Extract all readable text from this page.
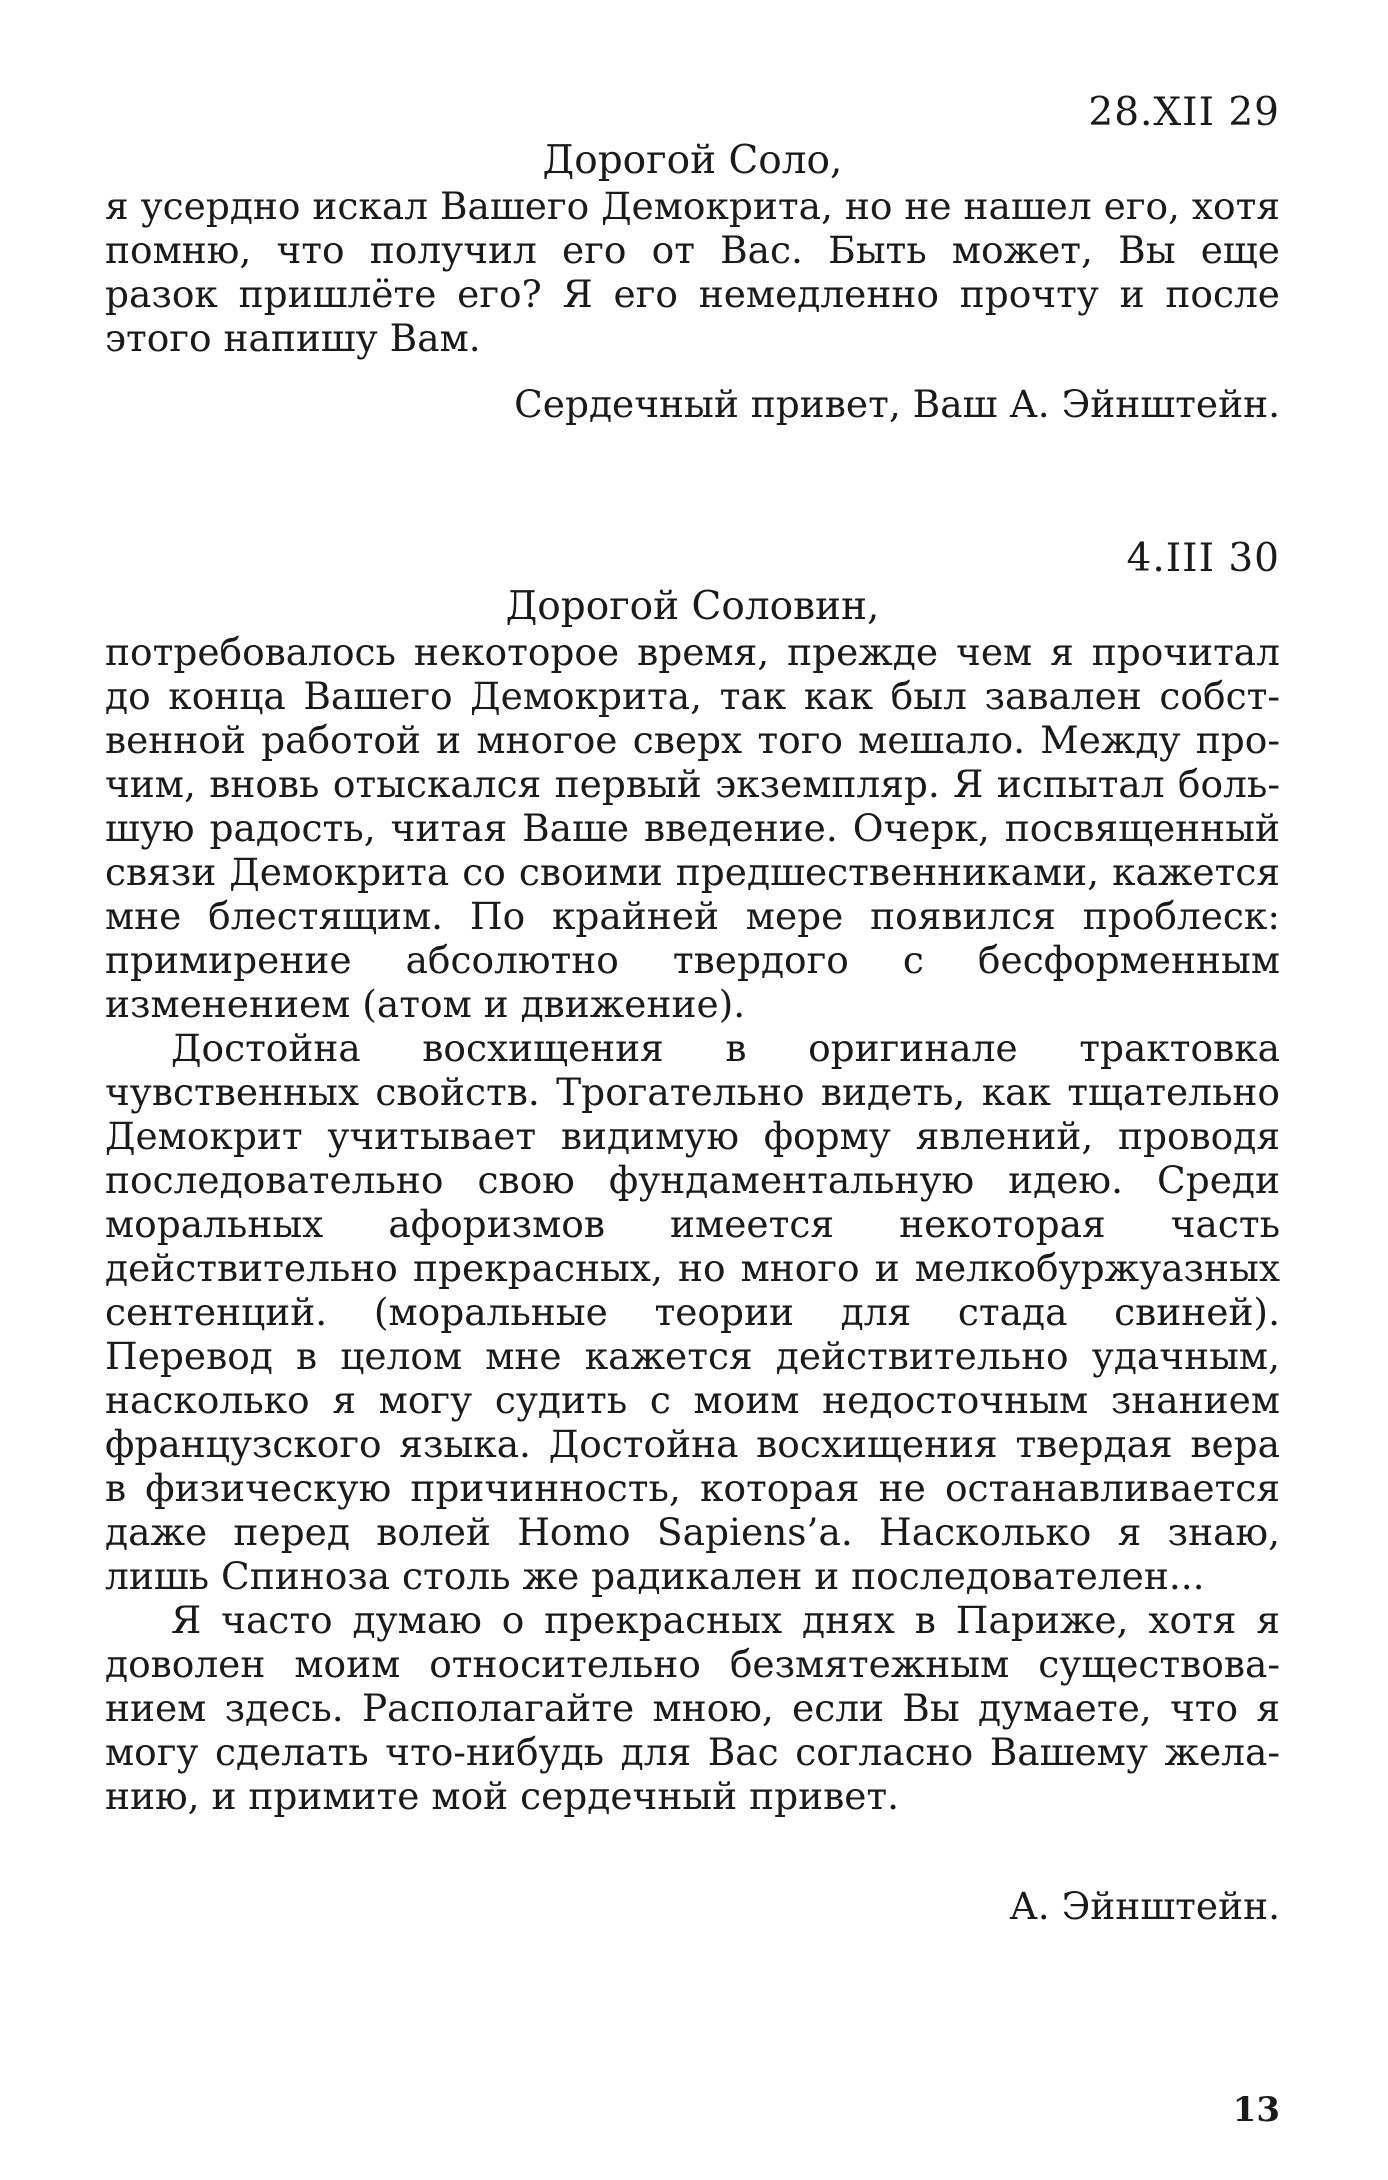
28.XII 29
Дорогой Соло,

я усердно искал Вашего Демокрита, но не нашел его, хотя помню, что получил его от Вас. Быть может, Вы еще разок пришлёте его? Я его немедленно прочту и после этого напишу Вам.

Сердечный привет, Ваш А. Эйнштейн.
4.III 30
Дорогой Соловин,

потребовалось некоторое время, прежде чем я прочитал до конца Вашего Демокрита, так как был завален собственной работой и многое сверх того мешало. Между прочим, вновь отыскался первый экземпляр. Я испытал большую радость, читая Ваше введение. Очерк, посвященный связи Демокрита со своими предшественниками, кажется мне блестящим. По крайней мере появился проблеск: примирение абсолютно твердого с бесформенным изменением (атом и движение).

Достойна восхищения в оригинале трактовка чувственных свойств. Трогательно видеть, как тщательно Демокрит учитывает видимую форму явлений, проводя последовательно свою фундаментальную идею. Среди моральных афоризмов имеется некоторая часть действительно прекрасных, но много и мелкобуржуазных сентенций. (моральные теории для стада свиней). Перевод в целом мне кажется действительно удачным, насколько я могу судить с моим недосточным знанием французского языка. Достойна восхищения твердая вера в физическую причинность, которая не останавливается даже перед волей Homo Sapiens’а. Насколько я знаю, лишь Спиноза столь же радикален и последователен...

Я часто думаю о прекрасных днях в Париже, хотя я доволен моим относительно безмятежным существованием здесь. Располагайте мною, если Вы думаете, что я могу сделать что-нибудь для Вас согласно Вашему желанию, и примите мой сердечный привет.

А. Эйнштейн.
13
